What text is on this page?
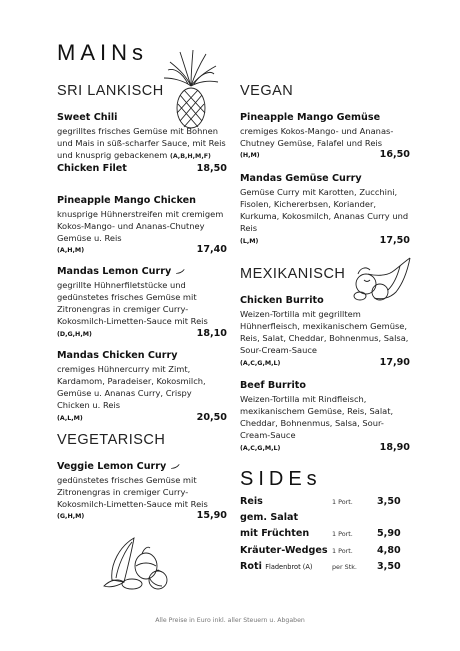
MAINs
SRI LANKISCH
Sweet Chili
gegrilltes frisches Gemüse mit Bohnen und Mais in süß-scharfer Sauce, mit Reis und knusprig gebackenem (A,B,H,M,F)
Chicken Filet	18,50
Pineapple Mango Chicken
knusprige Hühnerstreifen mit cremigem Kokos-Mango- und Ananas-Chutney Gemüse u. Reis
(A,H,M)	17,40
Mandas Lemon Curry
gegrillte Hühnerfiletstücke und gedünstetes frisches Gemüse mit Zitronengras in cremiger Curry-Kokosmilch-Limetten-Sauce mit Reis
(D,G,H,M)	18,10
Mandas Chicken Curry
cremiges Hühnercurry mit Zimt, Kardamom, Paradeiser, Kokosmilch, Gemüse u. Ananas Curry, Crispy Chicken u. Reis
(A,L,M)	20,50
VEGETARISCH
Veggie Lemon Curry
gedünstetes frisches Gemüse mit Zitronengras in cremiger Curry-Kokosmilch-Limetten-Sauce mit Reis
(G,H,M)	15,90
VEGAN
Pineapple Mango Gemüse
cremiges Kokos-Mango- und Ananas-Chutney Gemüse, Falafel und Reis
(H,M)	16,50
Mandas Gemüse Curry
Gemüse Curry mit Karotten, Zucchini, Fisolen, Kichererbsen, Koriander, Kurkuma, Kokosmilch, Ananas Curry und Reis
(L,M)	17,50
MEXIKANISCH
Chicken Burrito
Weizen-Tortilla mit gegrilltem Hühnerfleisch, mexikanischem Gemüse, Reis, Salat, Cheddar, Bohnenmus, Salsa, Sour-Cream-Sauce
(A,C,G,M,L)	17,90
Beef Burrito
Weizen-Tortilla mit Rindfleisch, mexikanischem Gemüse, Reis, Salat, Cheddar, Bohnenmus, Salsa, Sour-Cream-Sauce
(A,C,G,M,L)	18,90
SIDEs
Reis	1 Port.	3,50
gem. Salat
mit Früchten	1 Port.	5,90
Kräuter-Wedges 1 Port.	4,80
Roti Fladenbrot (A)	per Stk.	3,50
Alle Preise in Euro inkl. aller Steuern u. Abgaben
